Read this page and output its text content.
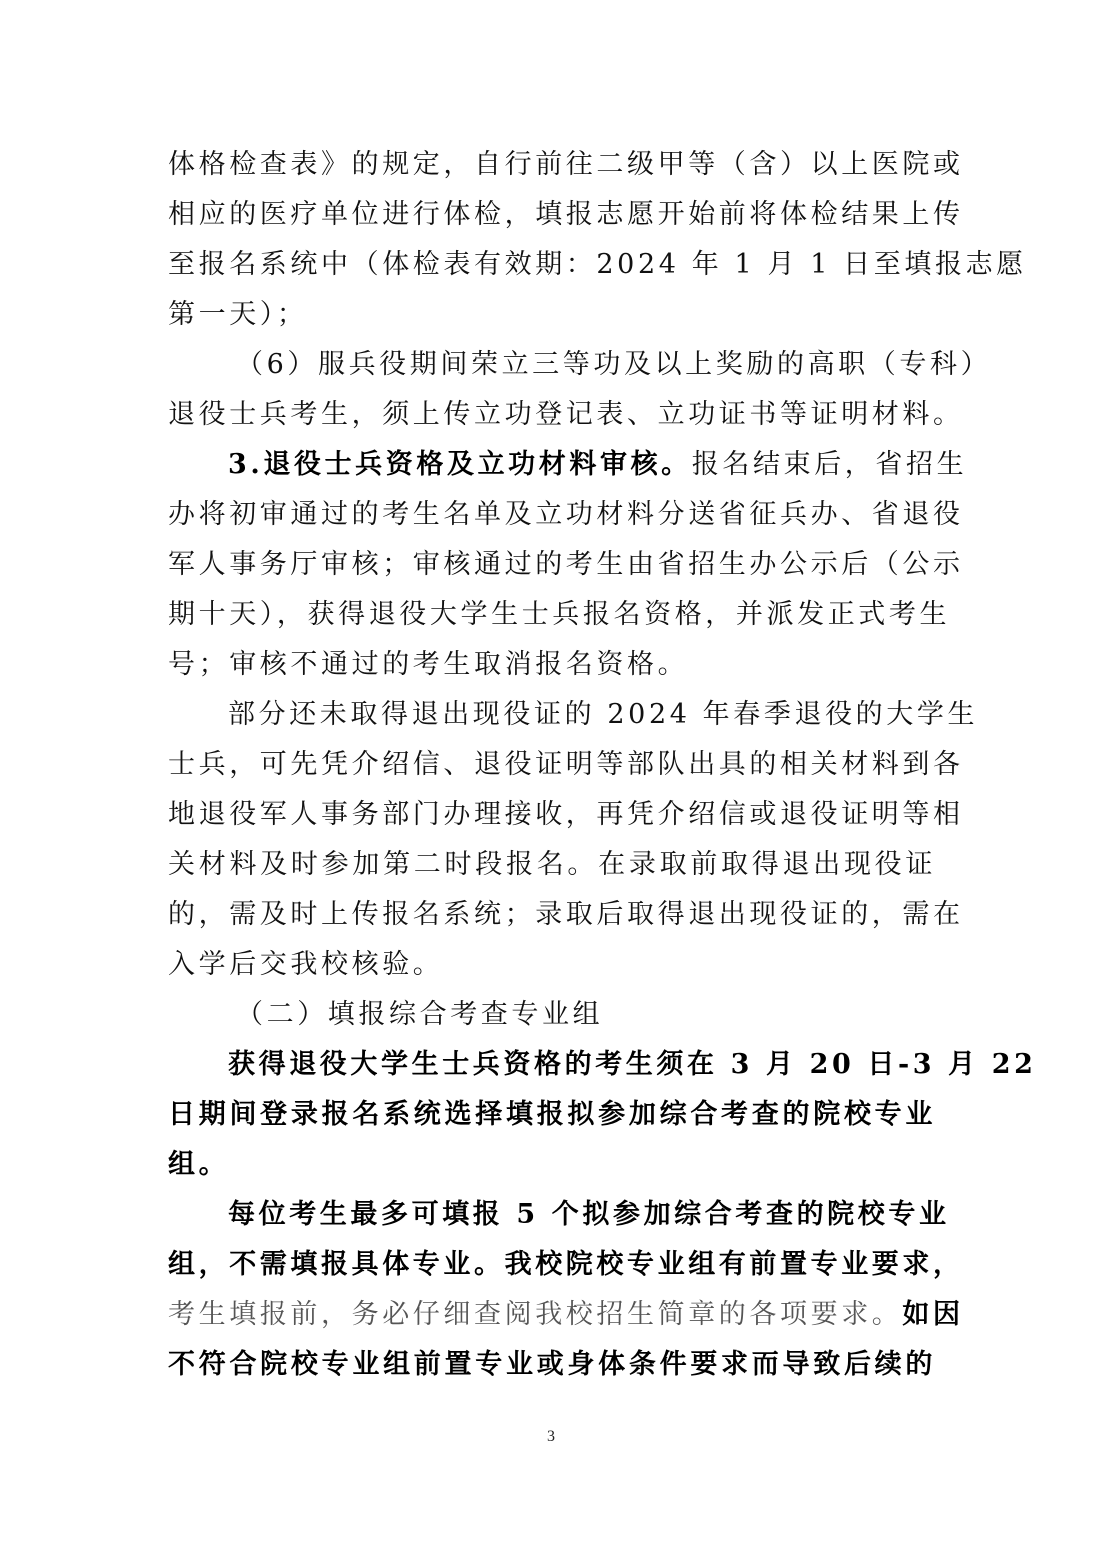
体格检查表》的规定，自行前往二级甲等（含）以上医院或
相应的医疗单位进行体检，填报志愿开始前将体检结果上传
至报名系统中（体检表有效期：2024 年 1 月 1 日至填报志愿
第一天）；
（6）服兵役期间荣立三等功及以上奖励的高职（专科）
退役士兵考生，须上传立功登记表、立功证书等证明材料。
3.退役士兵资格及立功材料审核。报名结束后，省招生
办将初审通过的考生名单及立功材料分送省征兵办、省退役
军人事务厅审核；审核通过的考生由省招生办公示后（公示
期十天），获得退役大学生士兵报名资格，并派发正式考生
号；审核不通过的考生取消报名资格。
部分还未取得退出现役证的 2024 年春季退役的大学生
士兵，可先凭介绍信、退役证明等部队出具的相关材料到各
地退役军人事务部门办理接收，再凭介绍信或退役证明等相
关材料及时参加第二时段报名。在录取前取得退出现役证
的，需及时上传报名系统；录取后取得退出现役证的，需在
入学后交我校核验。
（二）填报综合考查专业组
获得退役大学生士兵资格的考生须在 3 月 20 日-3 月 22
日期间登录报名系统选择填报拟参加综合考查的院校专业
组。
每位考生最多可填报 5 个拟参加综合考查的院校专业
组，不需填报具体专业。我校院校专业组有前置专业要求，
考生填报前，务必仔细查阅我校招生简章的各项要求。如因
不符合院校专业组前置专业或身体条件要求而导致后续的
3
